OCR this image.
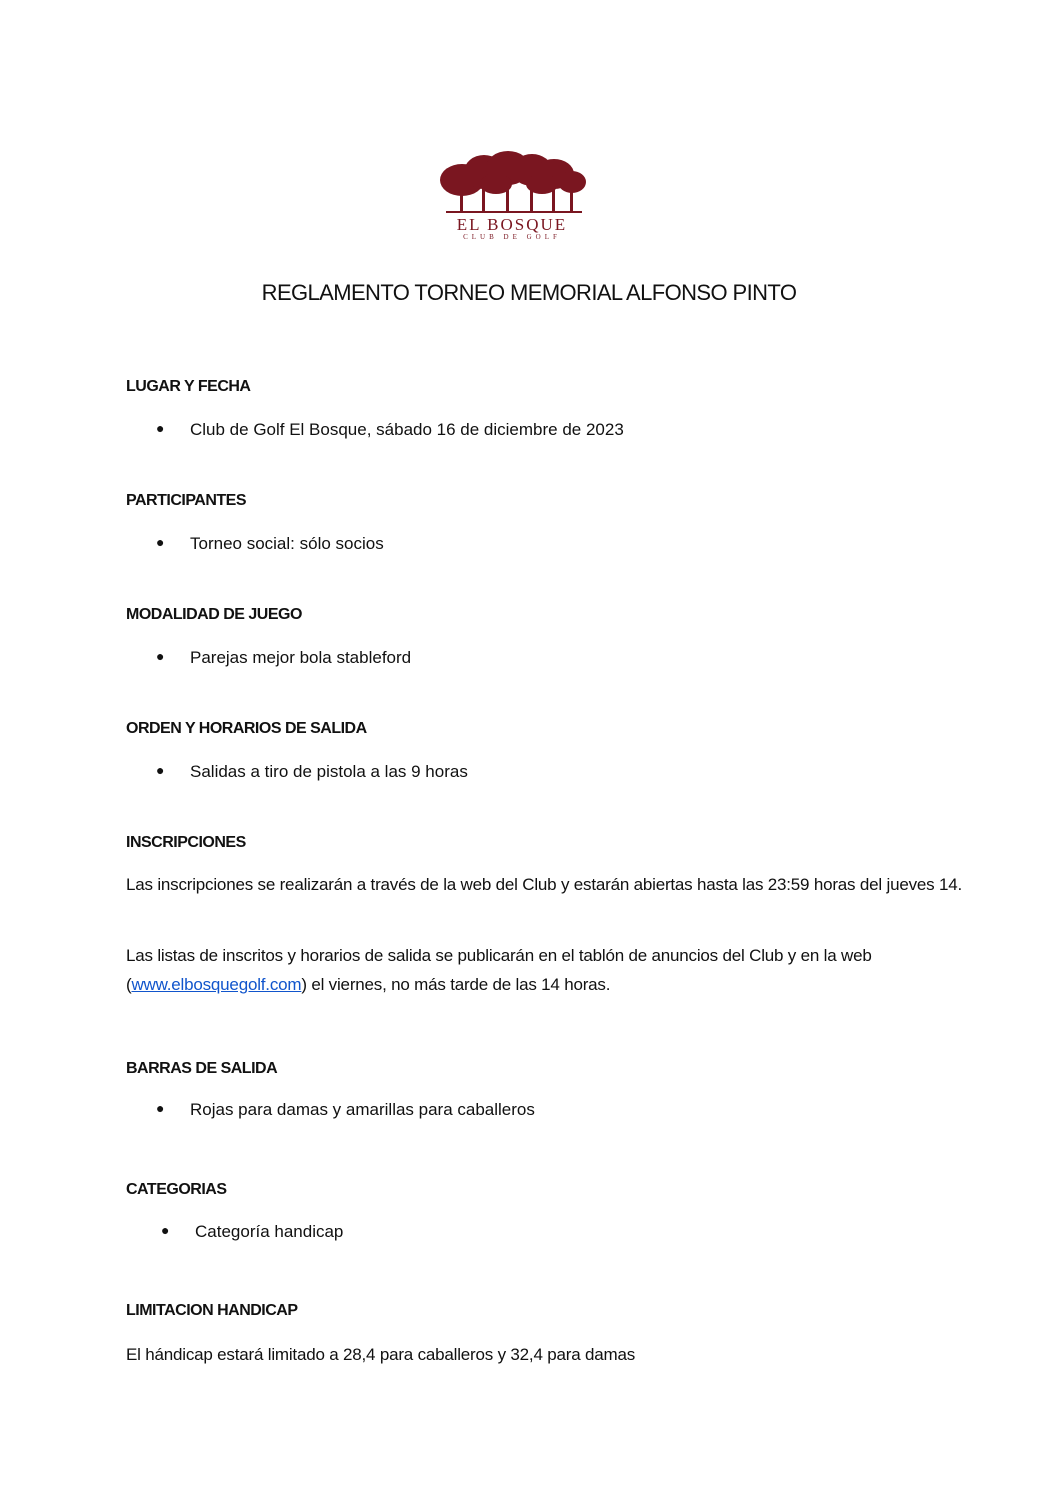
EL BOSQUE
CLUB DE GOLF
REGLAMENTO TORNEO MEMORIAL ALFONSO PINTO
LUGAR Y FECHA
● Club de Golf El Bosque, sábado 16 de diciembre de 2023
PARTICIPANTES
● Torneo social: sólo socios
MODALIDAD DE JUEGO
● Parejas mejor bola stableford
ORDEN Y HORARIOS DE SALIDA
● Salidas a tiro de pistola a las 9 horas
INSCRIPCIONES
Las inscripciones se realizarán a través de la web del Club y estarán abiertas hasta las 23:59 horas del jueves 14.
Las listas de inscritos y horarios de salida se publicarán en el tablón de anuncios del Club y en la web (www.elbosquegolf.com) el viernes, no más tarde de las 14 horas.
BARRAS DE SALIDA
● Rojas para damas y amarillas para caballeros
CATEGORIAS
● Categoría handicap
LIMITACION HANDICAP
El hándicap estará limitado a 28,4 para caballeros y 32,4 para damas
